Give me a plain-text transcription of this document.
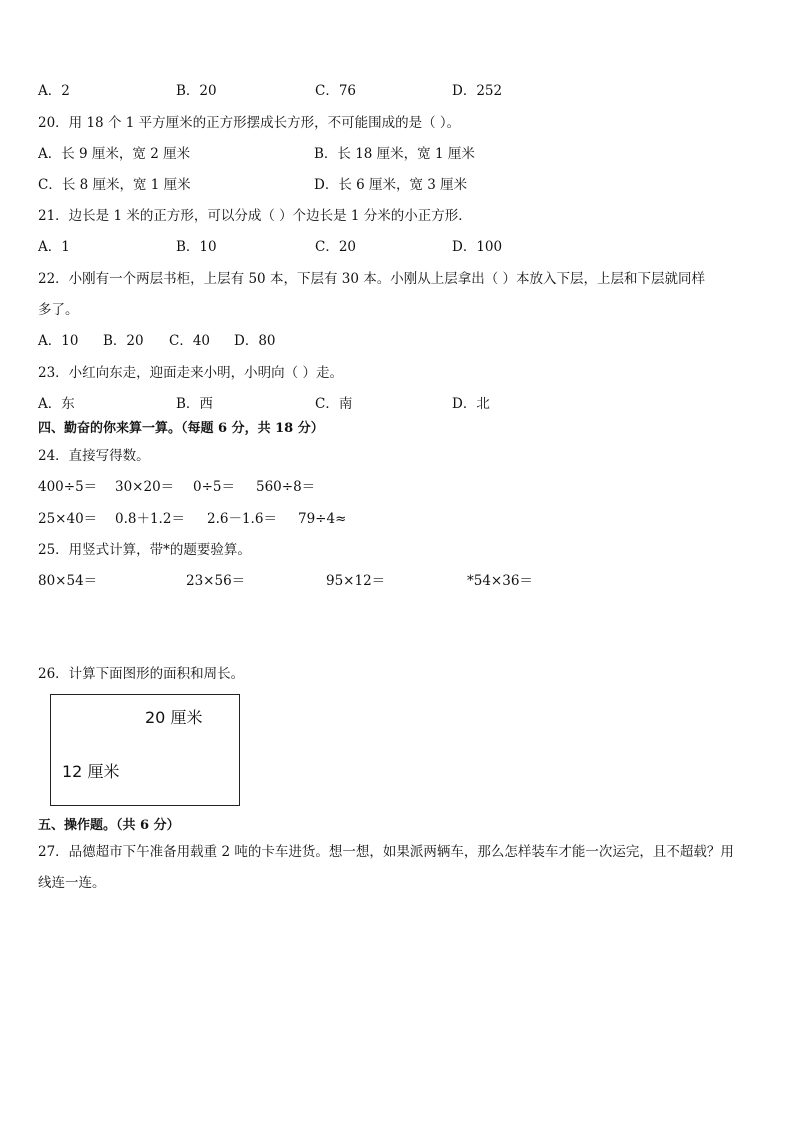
A．2	B．20	C．76	D．252
20．用 18 个 1 平方厘米的正方形摆成长方形，不可能围成的是（ ）。
A．长 9 厘米，宽 2 厘米	B．长 18 厘米，宽 1 厘米
C．长 8 厘米，宽 1 厘米	D．长 6 厘米，宽 3 厘米
21．边长是 1 米的正方形，可以分成（ ）个边长是 1 分米的小正方形．
A．1	B．10	C．20	D．100
22．小刚有一个两层书柜，上层有 50 本，下层有 30 本。小刚从上层拿出（ ）本放入下层，上层和下层就同样
多了。
A．10 B．20 C．40 D．80
23．小红向东走，迎面走来小明，小明向（ ）走。
A．东	B．西	C．南	D．北
四、勤奋的你来算一算。（每题 6 分，共 18 分）
24．直接写得数。
400÷5＝ 30×20＝ 0÷5＝ 560÷8＝
25×40＝ 0.8＋1.2＝ 2.6－1.6＝ 79÷4≈
25．用竖式计算，带*的题要验算。
80×54＝	23×56＝	95×12＝	*54×36＝
26．计算下面图形的面积和周长。
20 厘米
12 厘米
五、操作题。（共 6 分）
27．品德超市下午准备用载重 2 吨的卡车进货。想一想，如果派两辆车，那么怎样装车才能一次运完，且不超载？用
线连一连。
